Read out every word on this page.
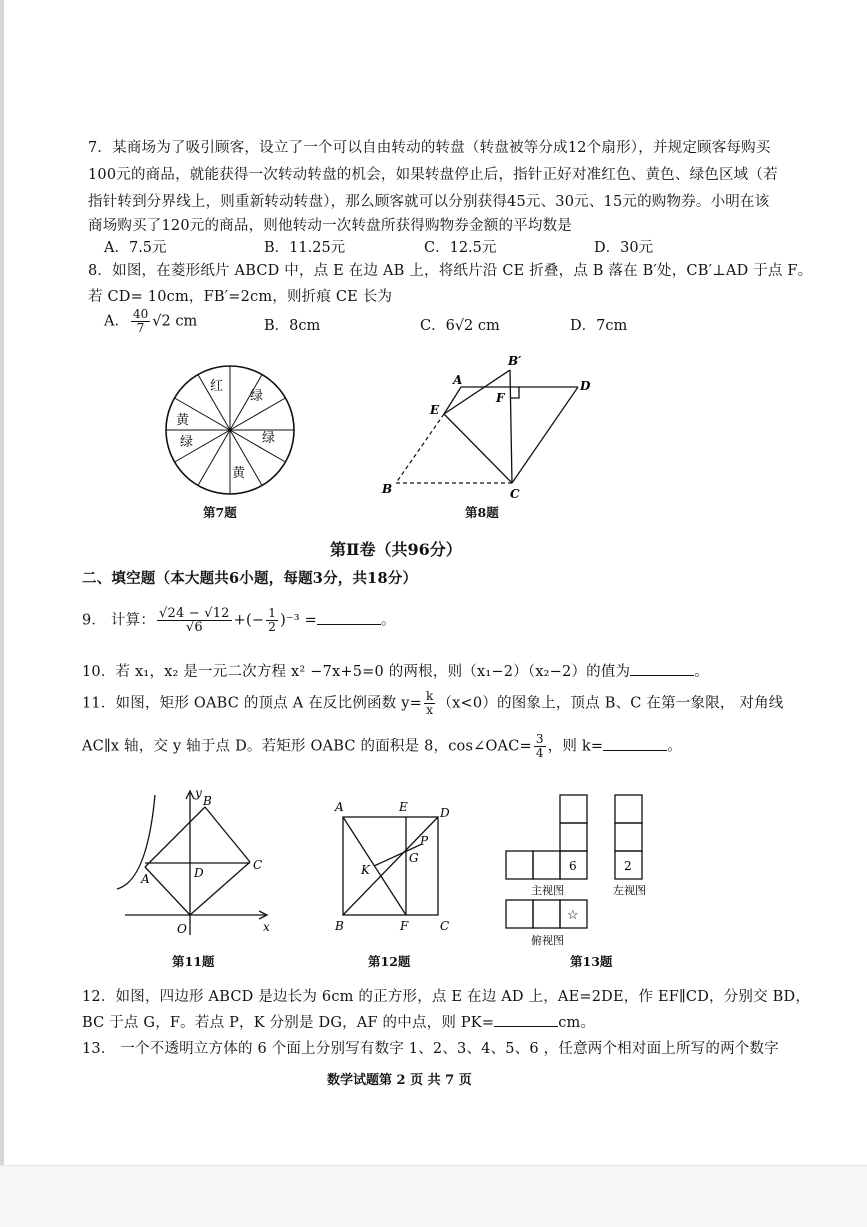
7．某商场为了吸引顾客，设立了一个可以自由转动的转盘（转盘被等分成12个扇形），并规定顾客每购买
100元的商品，就能获得一次转动转盘的机会，如果转盘停止后，指针正好对准红色、黄色、绿色区域（若
指针转到分界线上，则重新转动转盘），那么顾客就可以分别获得45元、30元、15元的购物券。小明在该
商场购买了120元的商品，则他转动一次转盘所获得购物券金额的平均数是
A．7.5元	B．11.25元	C．12.5元	D．30元
8．如图，在菱形纸片 ABCD 中，点 E 在边 AB 上，将纸片沿 CE 折叠，点 B 落在 B′处，CB′⊥AD 于点 F。
若 CD= 10cm，FB′=2cm，则折痕 CE 长为
A． $\frac{40}{7} √2$ cm	B．8cm	C．6√2 cm	D．7cm
红
绿
黄
绿	绿
黄
第7题
A
B′
D
E
F
B	C
第8题
第Ⅱ卷（共96分）
二、填空题（本大题共6小题，每题3分，共18分）
9． 计算： $\frac{√24 - √12}{√6}$ +(− $\frac{1}{2} )^{-3}$ =	。
10．若 x₁，x₂ 是一元二次方程 x² −7x+5=0 的两根，则（x₁−2）（x₂−2）的值为	。
11．如图，矩形 OABC 的顶点 A 在反比例函数 $y= \frac{k}{x} (x<0)$的图象上，顶点 B、C 在第一象限， 对角线
AC∥x 轴，交 y 轴于点 D。若矩形 OABC 的面积是 8，cos∠OAC= $\frac{3}{4}$ ，则 k=	。
y
B
C
A	D
O	x
第11题
A	E	D
P
G
K
B	F	C
第12题
6	2
☆
主视图	左视图
俯视图
第13题
12．如图，四边形 ABCD 是边长为 6cm 的正方形，点 E 在边 AD 上，AE=2DE，作 EF∥CD，分别交 BD，
BC 于点 G，F。若点 P，K 分别是 DG，AF 的中点，则 PK=	cm。
13． 一个不透明立方体的 6 个面上分别写有数字 1、2、3、4、5、6 ，任意两个相对面上所写的两个数字
数学试题第 2 页 共 7 页
